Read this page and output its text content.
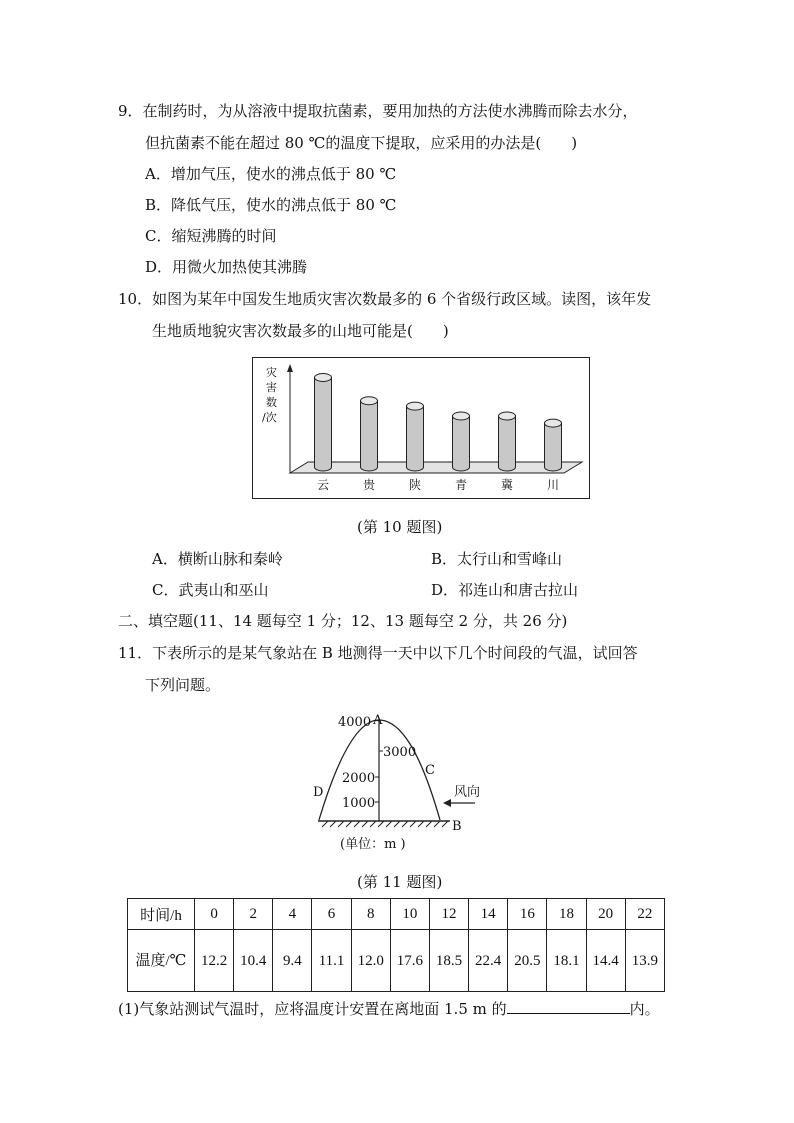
9．在制药时，为从溶液中提取抗菌素，要用加热的方法使水沸腾而除去水分，
但抗菌素不能在超过 80 ℃的温度下提取，应采用的办法是(　　)
A．增加气压，使水的沸点低于 80 ℃
B．降低气压，使水的沸点低于 80 ℃
C．缩短沸腾的时间
D．用微火加热使其沸腾
10．如图为某年中国发生地质灾害次数最多的 6 个省级行政区域。读图，该年发
生地质地貌灾害次数最多的山地可能是(　　)
灾
害
数
/次
云	贵	陕	青	冀	川
(第 10 题图)
A．横断山脉和秦岭	B．太行山和雪峰山
C．武夷山和巫山	D．祁连山和唐古拉山
二、填空题(11、14 题每空 1 分；12、13 题每空 2 分，共 26 分)
11．下表所示的是某气象站在 B 地测得一天中以下几个时间段的气温，试回答
下列问题。
4000 A
3000
2000
1000
C
D
B
风向
(单位：m )
(第 11 题图)
时间/h	0	2	4	6	8	10	12	14	16	18	20	22
温度/℃	12.2	10.4	9.4	11.1	12.0	17.6	18.5	22.4	20.5	18.1	14.4	13.9
(1)气象站测试气温时，应将温度计安置在离地面 1.5 m 的	内。
